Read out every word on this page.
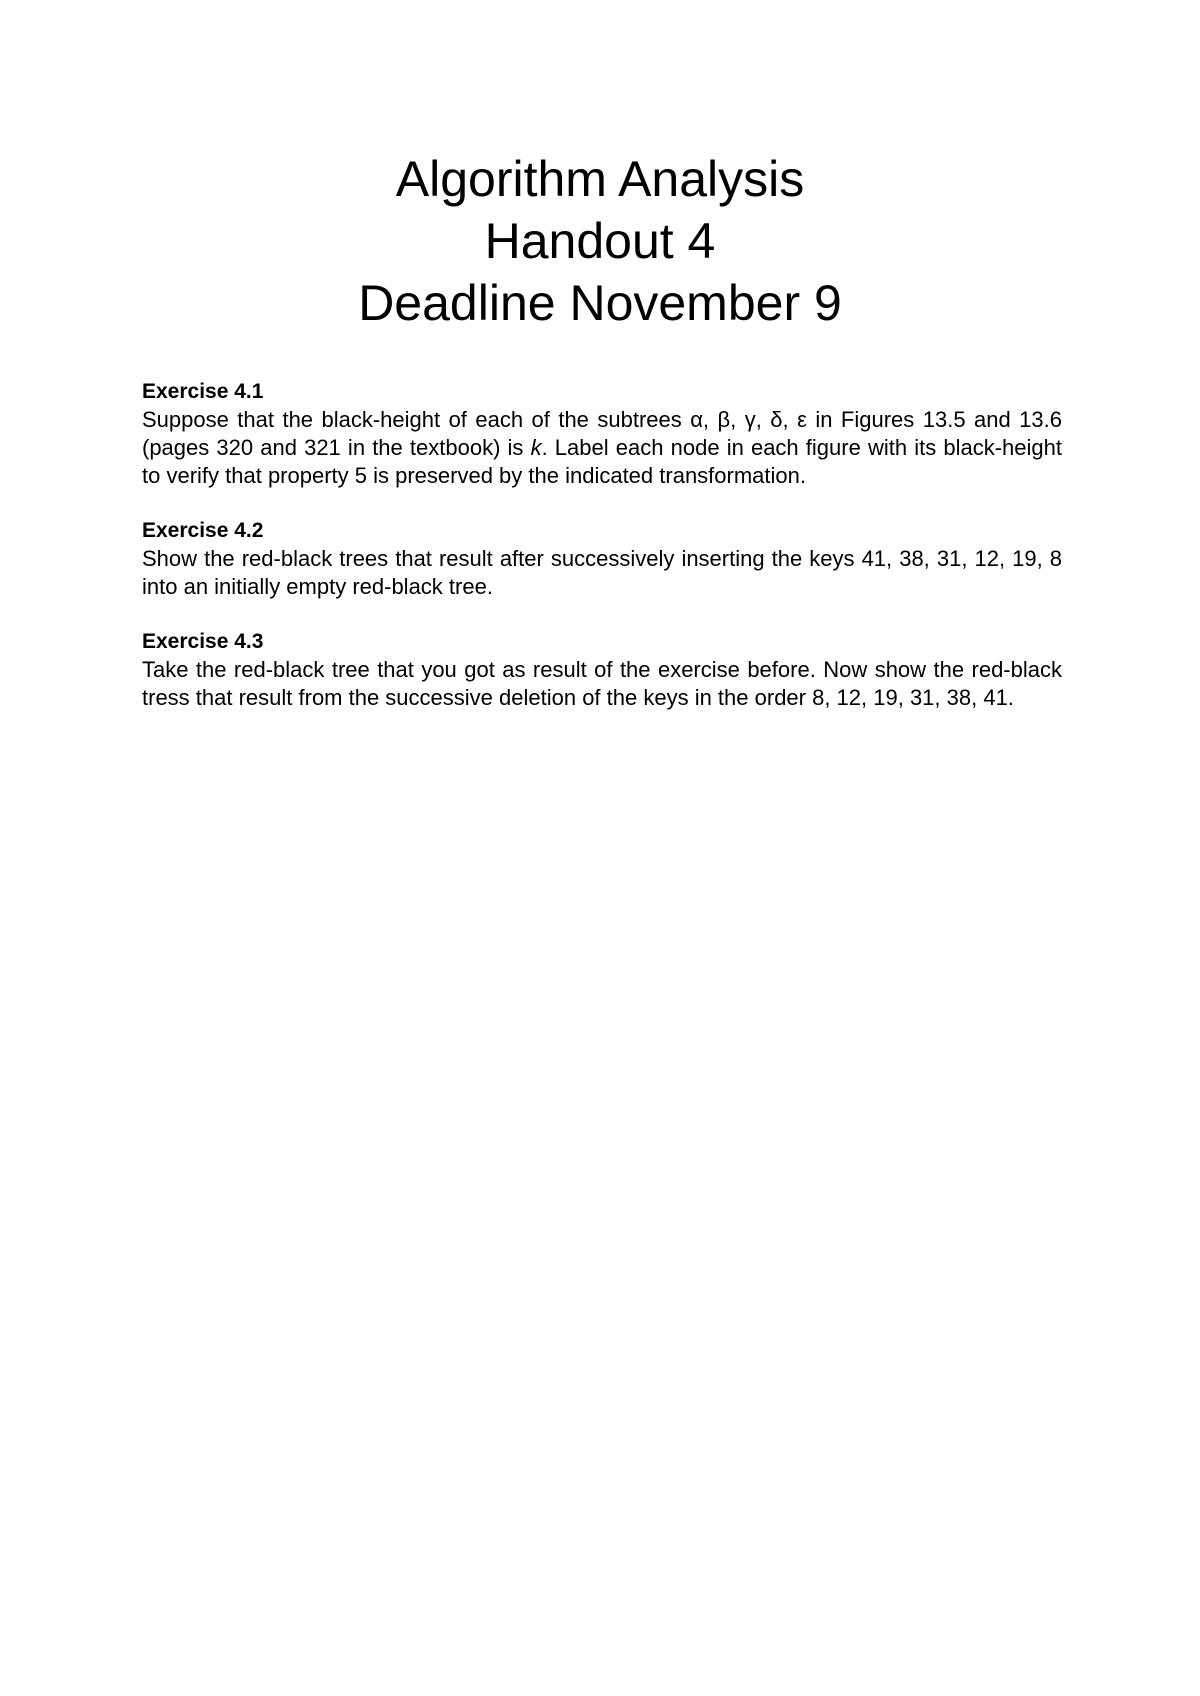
Algorithm Analysis
Handout 4
Deadline November 9
Exercise 4.1
Suppose that the black-height of each of the subtrees α, β, γ, δ, ε in Figures 13.5 and 13.6 (pages 320 and 321 in the textbook) is k. Label each node in each figure with its black-height to verify that property 5 is preserved by the indicated transformation.
Exercise 4.2
Show the red-black trees that result after successively inserting the keys 41, 38, 31, 12, 19, 8 into an initially empty red-black tree.
Exercise 4.3
Take the red-black tree that you got as result of the exercise before. Now show the red-black tress that result from the successive deletion of the keys in the order 8, 12, 19, 31, 38, 41.
